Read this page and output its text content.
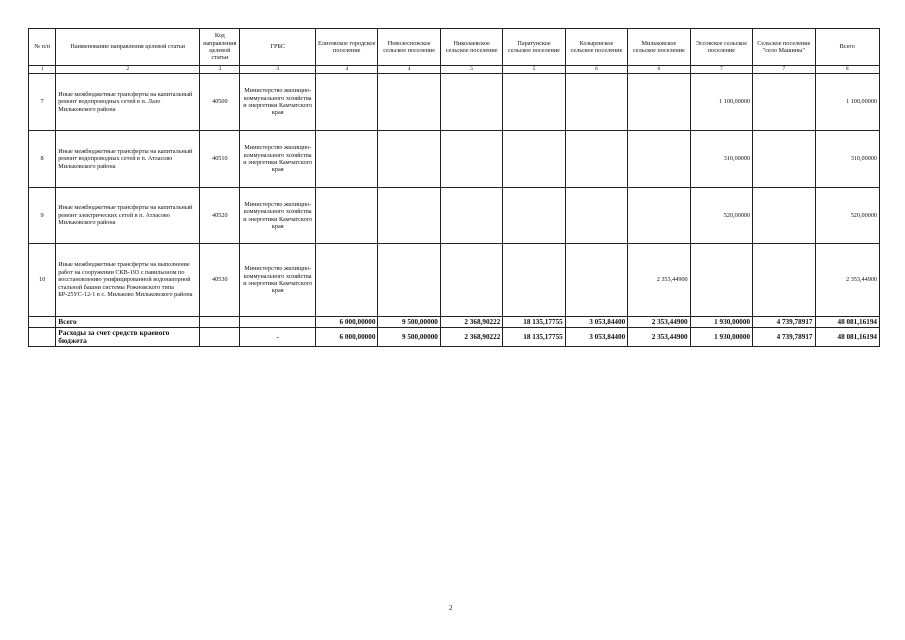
№ п/п	Наименование направления целевой статьи	Код направления целевой статьи	ГРБС	Елизовское городское поселение	Новолесновское сельское поселение	Николаевское сельское поселение	Паратунское сельское поселение	Козыревское сельское поселение	Мильковское сельское поселение	Эссовское сельское поселение	Сельское поселение "село Машины"	Всего
1	2	3	3	4	4	5	5	6	6	7	7	8
7	Иные межбюджетные трансферты на капитальный ремонт водопроводных сетей в п. Лазо Мильковского района	40500	Министерство жилищно-коммунального хозяйства и энергетики Камчатского края							1 100,00000		1 100,00000
8	Иные межбюджетные трансферты на капитальный ремонт водопроводных сетей в п. Атласово Мильковского района	40510	Министерство жилищно-коммунального хозяйства и энергетики Камчатского края							310,00000		310,00000
9	Иные межбюджетные трансферты на капитальный ремонт электрических сетей в п. Атласово Мильковского района	40520	Министерство жилищно-коммунального хозяйства и энергетики Камчатского края							520,00000		520,00000
10	Иные межбюджетные трансферты на выполнение работ на сооружении СКВ-193 с павильоном по восстановлению унифицированной водонапорной стальной башни системы Рожновского типа БР-25УС-12-1 в с. Мильково Мильковского района	40530	Министерство жилищно-коммунального хозяйства и энергетики Камчатского края						2 353,44900			2 353,44900
	Всего			6 000,00000	9 500,00000	2 368,90222	18 135,17755	3 053,84400	2 353,44900	1 930,00000	4 739,78917	48 081,16194
	Расходы за счет средств краевого бюджета		-	6 000,00000	9 500,00000	2 368,90222	18 135,17755	3 053,84400	2 353,44900	1 930,00000	4 739,78917	48 081,16194
2
